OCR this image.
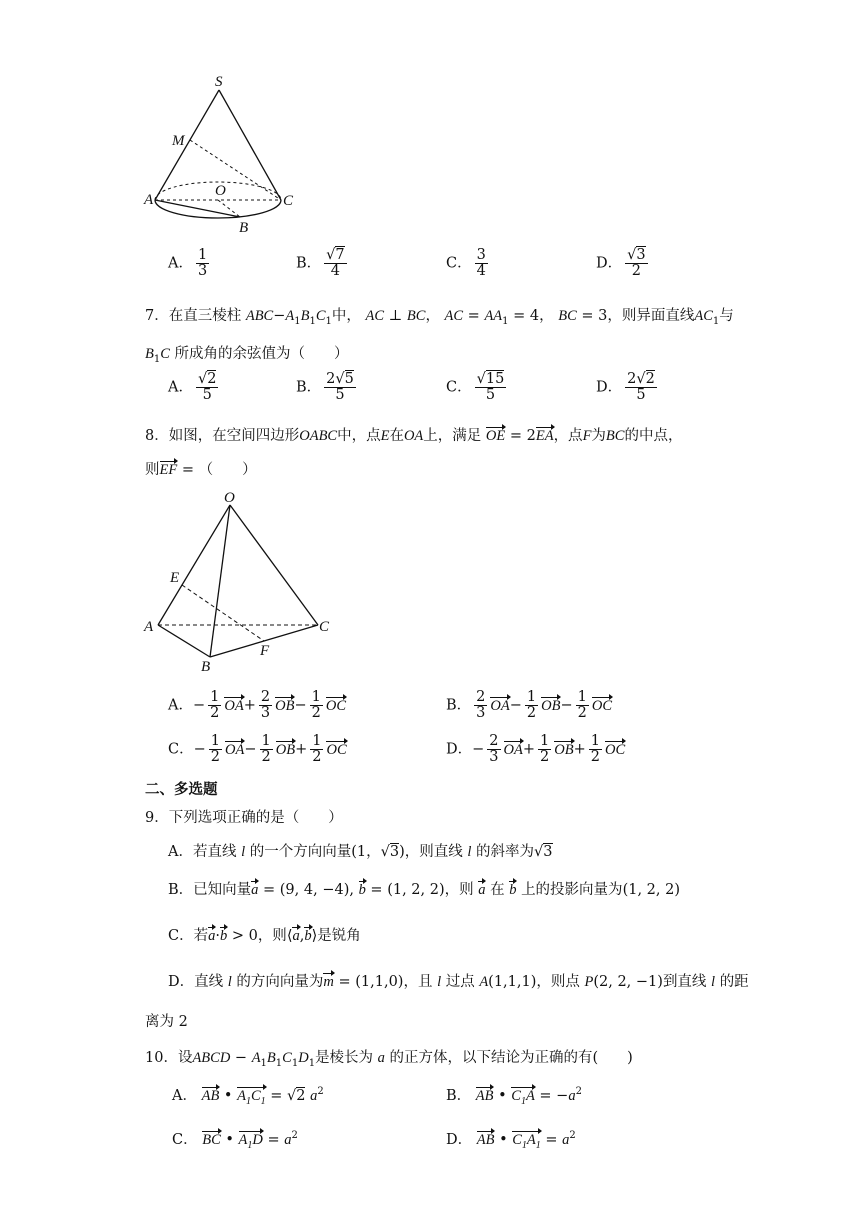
S
M
A
O
C
B
A． $\frac{1}{3}$	B． $\frac{√7}{4}$	C． $\frac{3}{4}$	D． $\frac{√3}{2}$
7．在直三棱柱 $ABC-A_1B_1C_1$中， AC ⊥ BC， AC = $AA_1 = 4$， BC = 3，则异面直线$AC_1$与
$B_1C$ 所成角的余弦值为（　　）
A． $\frac{√2}{5}$	B． $\frac{2√5}{5}$	C． $\frac{√15}{5}$	D． $\frac{2√2}{5}$
8．如图，在空间四边形OABC中，点E在OA上，满足 OE = 2EA，点F为BC的中点，
则EF = （　　）
O
E
A	C
B
F
A．− $\frac{1}{2} OA+ \frac{2}{3} OB- \frac{1}{2}$ OC	B． $\frac{2}{3} OA- \frac{1}{2} OB- \frac{1}{2}$ OC
C．− $\frac{1}{2} OA- \frac{1}{2} OB+ \frac{1}{2}$ OC	D．− $\frac{2}{3} OA+ \frac{1}{2} OB+ \frac{1}{2}$ OC
二、多选题
9．下列选项正确的是（　　）
A．若直线 l 的一个方向向量(1，√3)，则直线 l 的斜率为√3
B．已知向量a = (9, 4, −4), b = (1, 2, 2)，则 a 在 b 上的投影向量为(1, 2, 2)
C．若a·b > 0，则⟨a,b⟩是锐角
D．直线 l 的方向向量为m = (1,1,0)，且 l 过点 A(1,1,1)，则点 P(2, 2, −1)到直线 l 的距
离为 2
10．设ABCD − $A_1B_1C_1D_1$是棱长为 a 的正方体，以下结论为正确的有(　　)
A． AB • $A_1C_1 = √2$ $a^2$	B． AB • $C_1A = -a^2$
C． BC • $A_1D = a^2$	D． AB • $C_1A_1 = a^2$
